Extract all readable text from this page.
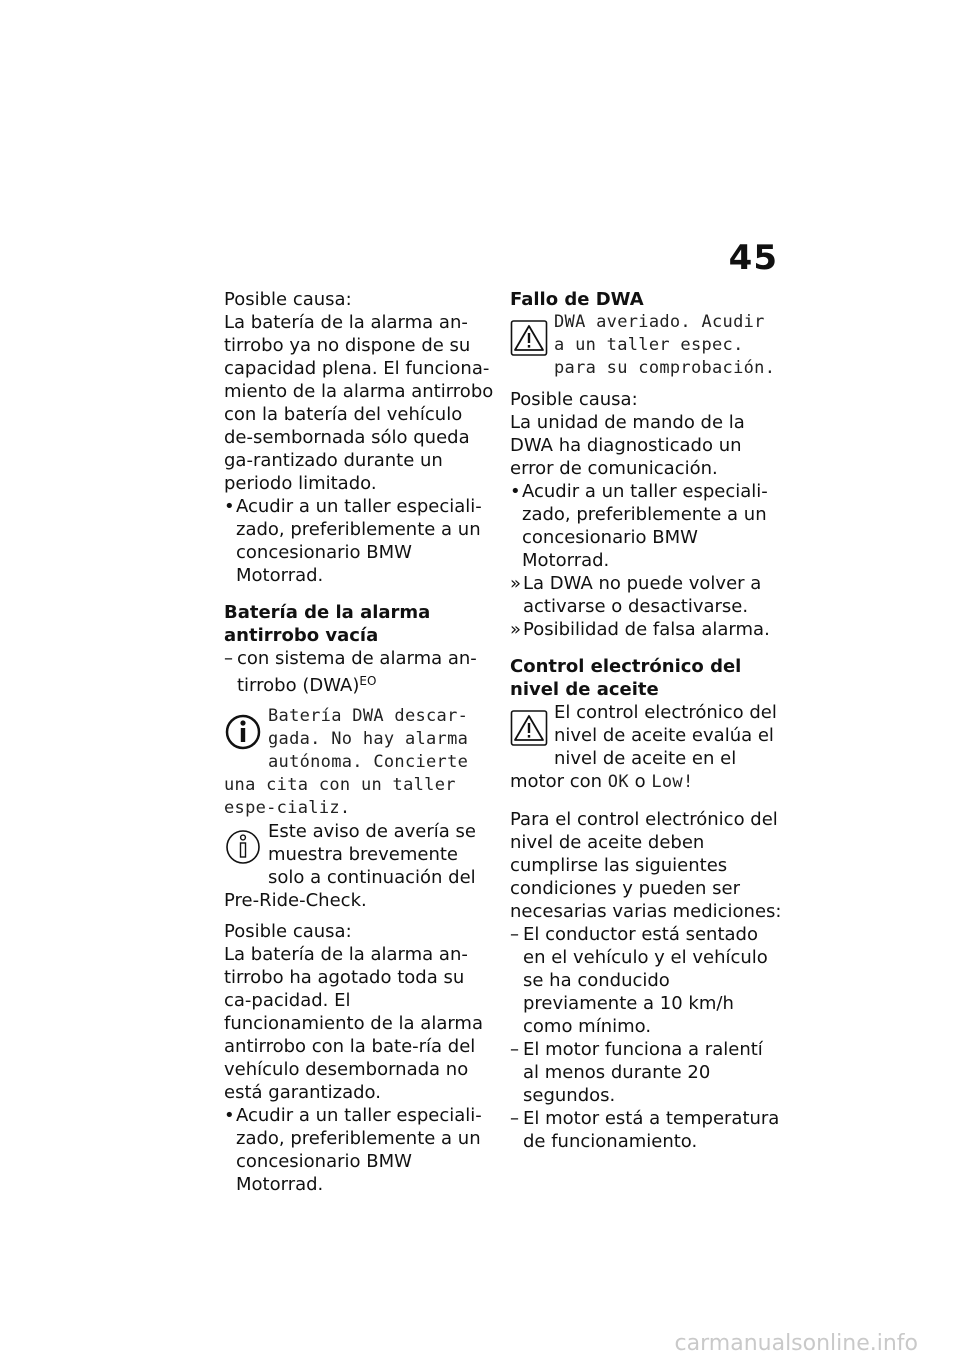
45

Posible causa:

La batería de la alarma an-tirrobo ya no dispone de su capacidad plena. El funciona-miento de la alarma antirrobo con la batería del vehículo de-sembornada sólo queda ga-rantizado durante un periodo limitado.

• Acudir a un taller especiali-zado, preferiblemente a un concesionario BMW Motorrad.

Batería de la alarma antirrobo vacía

– con sistema de alarma an-tirrobo (DWA)$^{EO}$

Batería DWA descar-gada. No hay alarma autónoma. Concierte una cita con un taller espe-cializ.

Este aviso de avería se muestra brevemente solo a continuación del Pre-Ride-Check.

Posible causa:

La batería de la alarma an-tirrobo ha agotado toda su ca-pacidad. El funcionamiento de la alarma antirrobo con la bate-ría del vehículo desembornada no está garantizado.

• Acudir a un taller especiali-zado, preferiblemente a un concesionario BMW Motorrad.

Fallo de DWA

DWA averiado. Acudir a un taller espec. para su comprobación.

Posible causa:

La unidad de mando de la DWA ha diagnosticado un error de comunicación.

• Acudir a un taller especiali-zado, preferiblemente a un concesionario BMW Motorrad.
» La DWA no puede volver a activarse o desactivarse.
» Posibilidad de falsa alarma.

Control electrónico del nivel de aceite

El control electrónico del nivel de aceite evalúa el nivel de aceite en el motor con OK o Low!

Para el control electrónico del nivel de aceite deben cumplirse las siguientes condiciones y pueden ser necesarias varias mediciones:

– El conductor está sentado en el vehículo y el vehículo se ha conducido previamente a 10 km/h como mínimo.
– El motor funciona a ralentí al menos durante 20 segundos.
– El motor está a temperatura de funcionamiento.
carmanualsonline.info
